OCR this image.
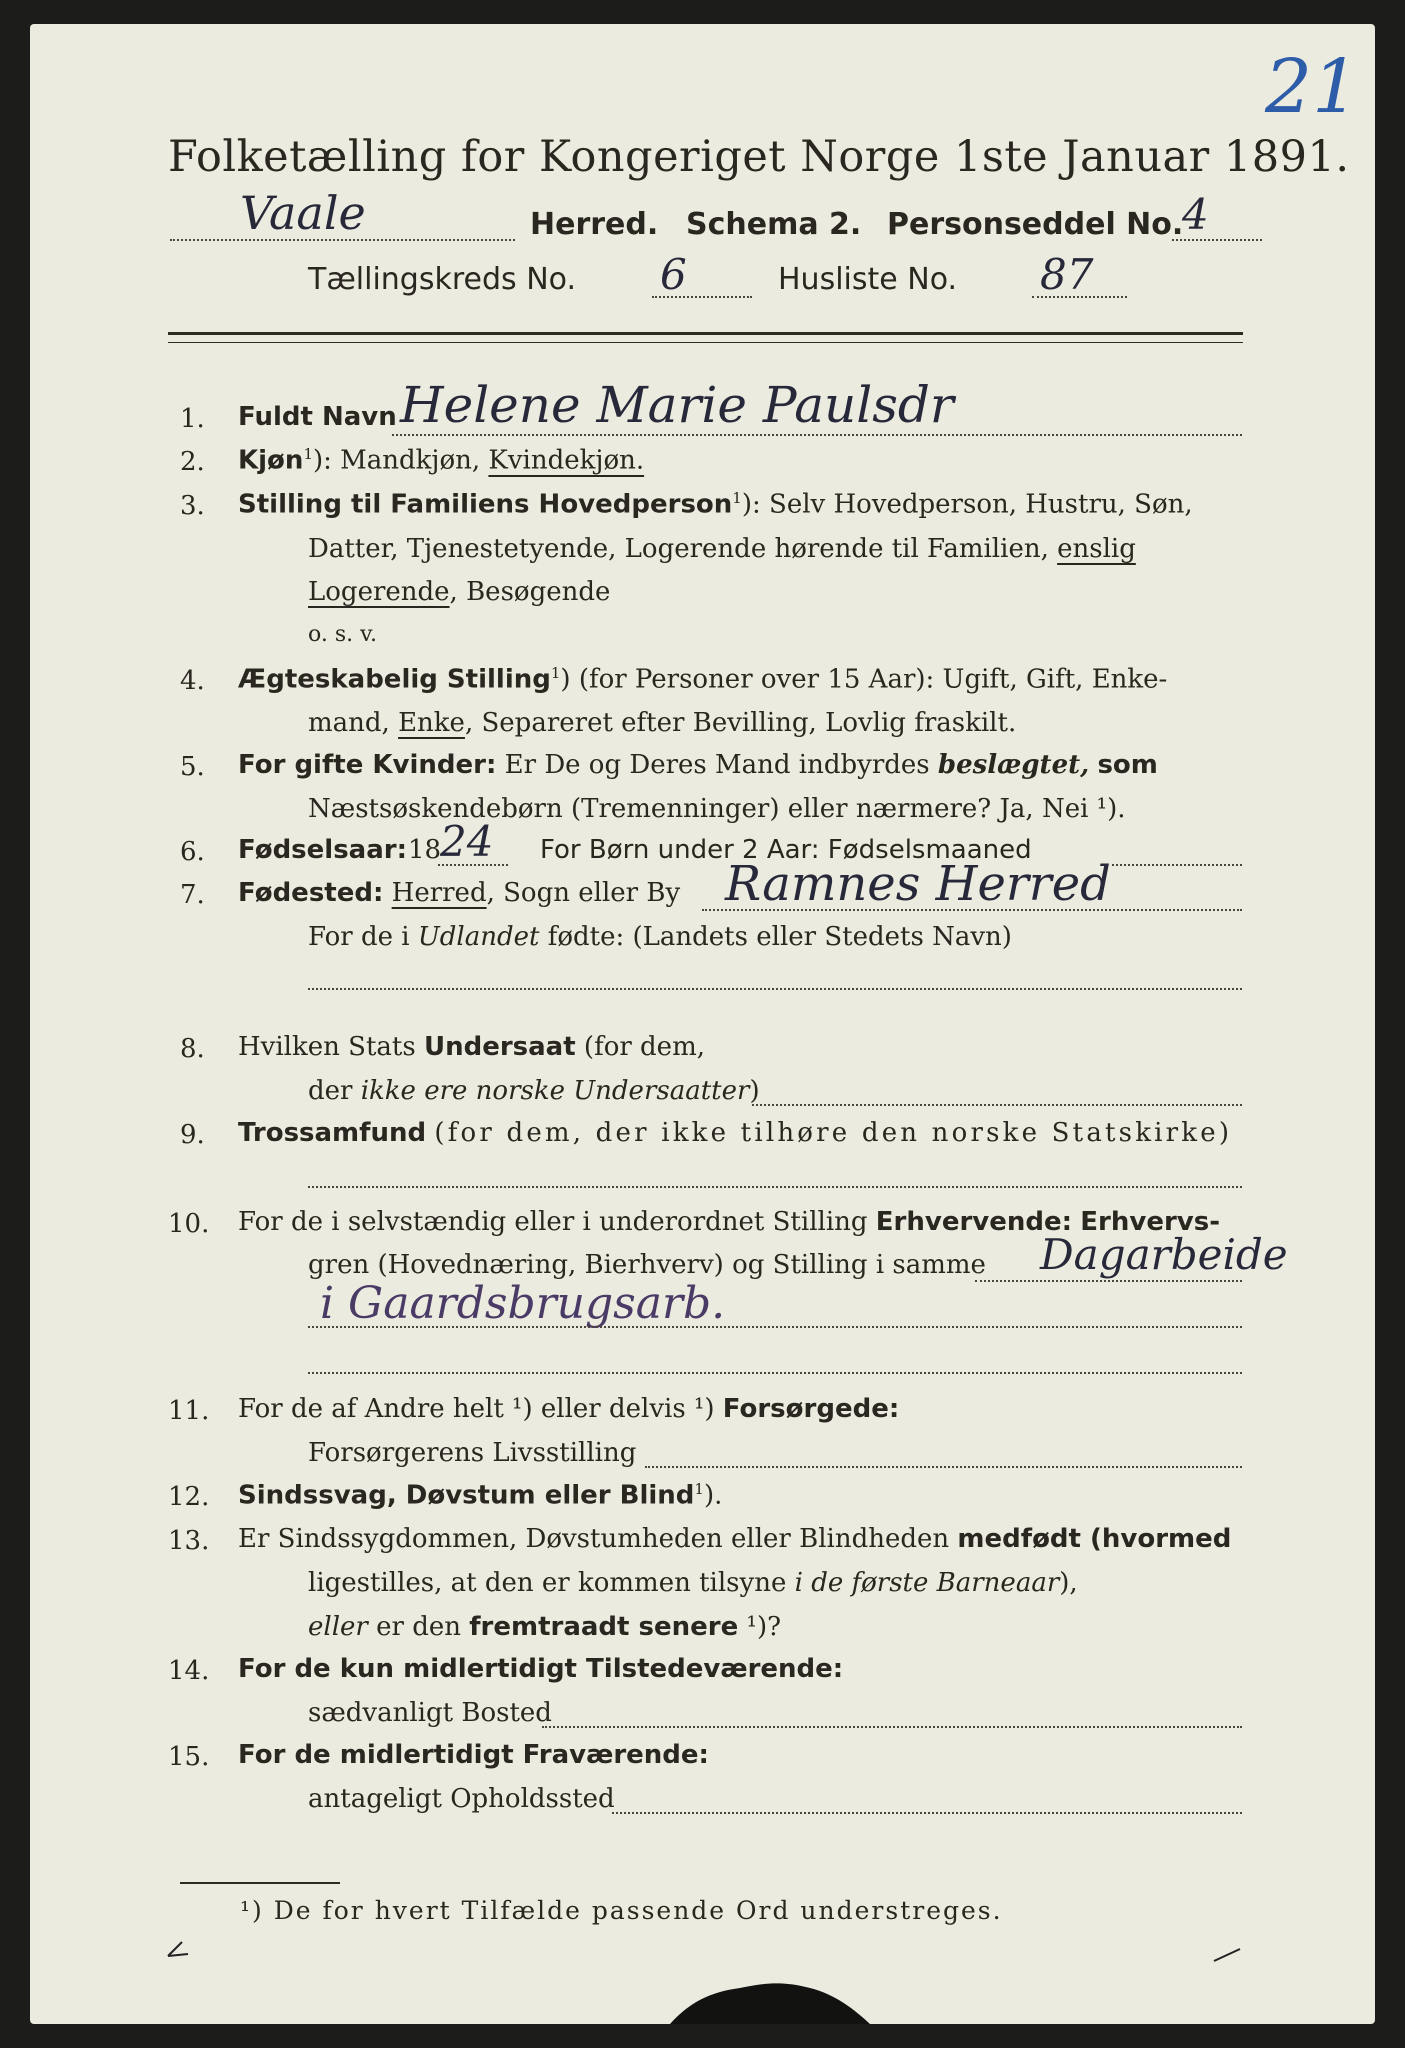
21
Folketælling for Kongeriget Norge 1ste Januar 1891.
Vaale	Herred. Schema 2. Personseddel No.
4
Tællingskreds No. 6	Husliste No. 87
1. Fuldt Navn Helene Marie Paulsdr
2. Kjøn$^1$): Mandkjøn, Kvindekjøn.
3. Stilling til Familiens Hovedperson$^1$): Selv Hovedperson, Hustru, Søn,
Datter, Tjenestetyende, Logerende hørende til Familien, enslig
Logerende, Besøgende
o. s. v.
4. Ægteskabelig Stilling$^1$) (for Personer over 15 Aar): Ugift, Gift, Enke-
mand, Enke, Separeret efter Bevilling, Lovlig fraskilt.
5. For gifte Kvinder: Er De og Deres Mand indbyrdes beslægtet, som
Næstsøskendebørn (Tremenninger) eller nærmere? Ja, Nei ¹).
6. Fødselsaar: 18
24 For Børn under 2 Aar: Fødselsmaaned
7. Fødested: Herred, Sogn eller By Ramnes Herred
For de i Udlandet fødte: (Landets eller Stedets Navn)
8. Hvilken Stats Undersaat (for dem,
der ikke ere norske Undersaatter)
9. Trossamfund (for dem, der ikke tilhøre den norske Statskirke)
10. For de i selvstændig eller i underordnet Stilling Erhvervende: Erhvervs-
gren (Hovednæring, Bierhverv) og Stilling i samme Dagarbeide
i Gaardsbrugsarb.
11. For de af Andre helt ¹) eller delvis ¹) Forsørgede:
Forsørgerens Livsstilling
12. Sindssvag, Døvstum eller Blind$^1$).
13. Er Sindssygdommen, Døvstumheden eller Blindheden medfødt (hvormed
ligestilles, at den er kommen tilsyne i de første Barneaar),
eller er den fremtraadt senere ¹)?
14. For de kun midlertidigt Tilstedeværende:
sædvanligt Bosted
15. For de midlertidigt Fraværende:
antageligt Opholdssted
¹) De for hvert Tilfælde passende Ord understreges.
